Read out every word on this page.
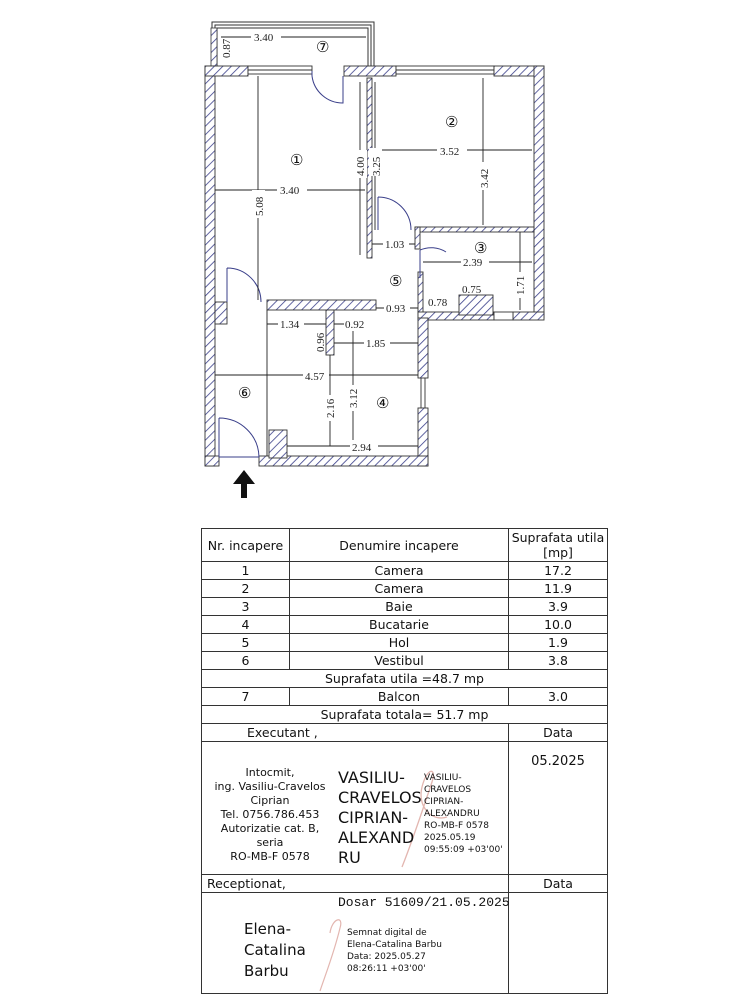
3.40
0.87
3.40
5.08
4.00 3.25
3.52
3.42
1.03
2.39
1.71
0.75
0.78
0.93
1.34
0.96
0.92
1.85
4.57
2.16
3.12
2.94
⑦
①
②
③
⑤
⑥
④
Nr. incapere	Denumire incapere	Suprafata utila
[mp]
1	Camera	17.2
2	Camera	11.9
3	Baie	3.9
4	Bucatarie	10.0
5	Hol	1.9
6	Vestibul	3.8
Suprafata utila =48.7 mp		
7	Balcon	3.0
Suprafata totala= 51.7 mp		
Executant ,		Data

Intocmit,
ing. Vasiliu-Cravelos
Ciprian
Tel. 0756.786.453
Autorizatie cat. B, seria
RO-MB-F 0578
VASILIU-
CRAVELOS
CIPRIAN-
ALEXAND
RU
VASILIU-
CRAVELOS
CIPRIAN-
ALEXANDRU
RO-MB-F 0578
2025.05.19
09:55:09 +03'00'
	05.2025
Receptionat,		Data

Dosar 51609/21.05.2025
Elena-
Catalina
Barbu
Semnat digital de
Elena-Catalina Barbu
Data: 2025.05.27
08:26:11 +03'00'
